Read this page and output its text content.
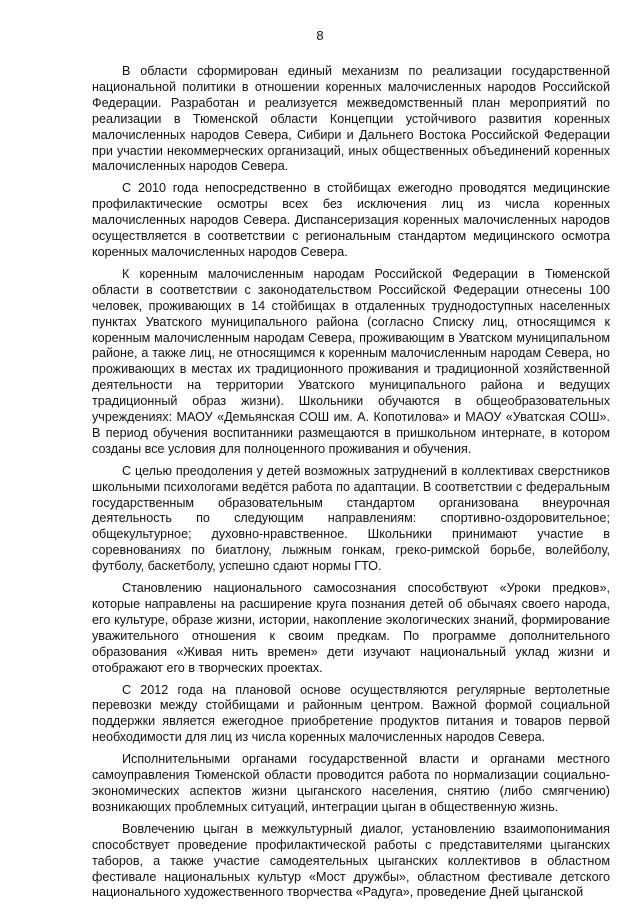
8

В области сформирован единый механизм по реализации государственной национальной политики в отношении коренных малочисленных народов Российской Федерации. Разработан и реализуется межведомственный план мероприятий по реализации в Тюменской области Концепции устойчивого развития коренных малочисленных народов Севера, Сибири и Дальнего Востока Российской Федерации при участии некоммерческих организаций, иных общественных объединений коренных малочисленных народов Севера.

С 2010 года непосредственно в стойбищах ежегодно проводятся медицинские профилактические осмотры всех без исключения лиц из числа коренных малочисленных народов Севера. Диспансеризация коренных малочисленных народов осуществляется в соответствии с региональным стандартом медицинского осмотра коренных малочисленных народов Севера.

К коренным малочисленным народам Российской Федерации в Тюменской области в соответствии с законодательством Российской Федерации отнесены 100 человек, проживающих в 14 стойбищах в отдаленных труднодоступных населенных пунктах Уватского муниципального района (согласно Списку лиц, относящимся к коренным малочисленным народам Севера, проживающим в Уватском муниципальном районе, а также лиц, не относящимся к коренным малочисленным народам Севера, но проживающих в местах их традиционного проживания и традиционной хозяйственной деятельности на территории Уватского муниципального района и ведущих традиционный образ жизни). Школьники обучаются в общеобразовательных учреждениях: МАОУ «Демьянская СОШ им. А. Копотилова» и МАОУ «Уватская СОШ». В период обучения воспитанники размещаются в пришкольном интернате, в котором созданы все условия для полноценного проживания и обучения.

С целью преодоления у детей возможных затруднений в коллективах сверстников школьными психологами ведётся работа по адаптации. В соответствии с федеральным государственным образовательным стандартом организована внеурочная деятельность по следующим направлениям: спортивно-оздоровительное; общекультурное; духовно-нравственное. Школьники принимают участие в соревнованиях по биатлону, лыжным гонкам, греко-римской борьбе, волейболу, футболу, баскетболу, успешно сдают нормы ГТО.

Становлению национального самосознания способствуют «Уроки предков», которые направлены на расширение круга познания детей об обычаях своего народа, его культуре, образе жизни, истории, накопление экологических знаний, формирование уважительного отношения к своим предкам. По программе дополнительного образования «Живая нить времен» дети изучают национальный уклад жизни и отображают его в творческих проектах.

С 2012 года на плановой основе осуществляются регулярные вертолетные перевозки между стойбищами и районным центром. Важной формой социальной поддержки является ежегодное приобретение продуктов питания и товаров первой необходимости для лиц из числа коренных малочисленных народов Севера.

Исполнительными органами государственной власти и органами местного самоуправления Тюменской области проводится работа по нормализации социально-экономических аспектов жизни цыганского населения, снятию (либо смягчению) возникающих проблемных ситуаций, интеграции цыган в общественную жизнь.

Вовлечению цыган в межкультурный диалог, установлению взаимопонимания способствует проведение профилактической работы с представителями цыганских таборов, а также участие самодеятельных цыганских коллективов в областном фестивале национальных культур «Мост дружбы», областном фестивале детского национального художественного творчества «Радуга», проведение Дней цыганской
